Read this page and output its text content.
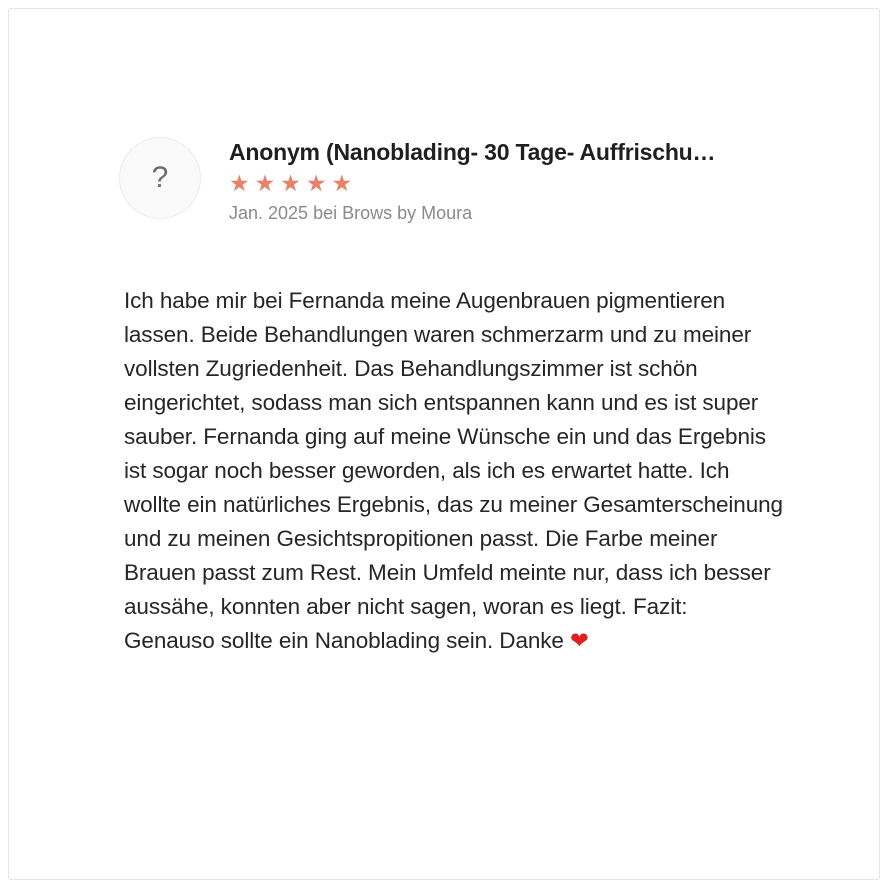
?
Anonym (Nanoblading- 30 Tage- Auffrischu…
★ ★ ★ ★ ★
Jan. 2025 bei Brows by Moura
Ich habe mir bei Fernanda meine Augenbrauen pigmentieren lassen. Beide Behandlungen waren schmerzarm und zu meiner vollsten Zugriedenheit. Das Behandlungszimmer ist schön eingerichtet, sodass man sich entspannen kann und es ist super sauber. Fernanda ging auf meine Wünsche ein und das Ergebnis ist sogar noch besser geworden, als ich es erwartet hatte. Ich wollte ein natürliches Ergebnis, das zu meiner Gesamterscheinung und zu meinen Gesichtspropitionen passt. Die Farbe meiner Brauen passt zum Rest. Mein Umfeld meinte nur, dass ich besser aussähe, konnten aber nicht sagen, woran es liegt. Fazit: Genauso sollte ein Nanoblading sein. Danke ❤
